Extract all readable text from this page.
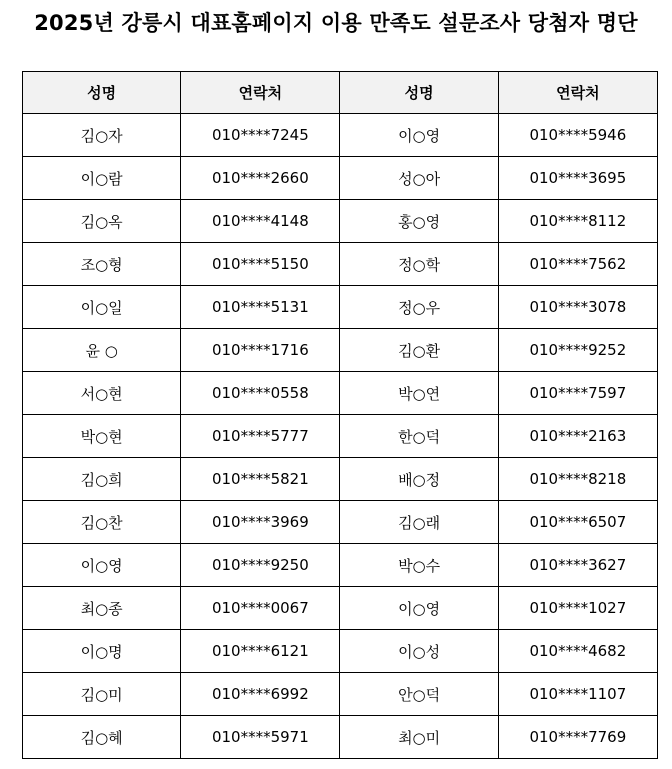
2025년 강릉시 대표홈페이지 이용 만족도 설문조사 당첨자 명단
성명	연락처	성명	연락처
김○자	010****7245	이○영	010****5946
이○람	010****2660	성○아	010****3695
김○옥	010****4148	홍○영	010****8112
조○형	010****5150	정○학	010****7562
이○일	010****5131	정○우	010****3078
윤 ○	010****1716	김○환	010****9252
서○현	010****0558	박○연	010****7597
박○현	010****5777	한○덕	010****2163
김○희	010****5821	배○정	010****8218
김○찬	010****3969	김○래	010****6507
이○영	010****9250	박○수	010****3627
최○종	010****0067	이○영	010****1027
이○명	010****6121	이○성	010****4682
김○미	010****6992	안○덕	010****1107
김○혜	010****5971	최○미	010****7769
